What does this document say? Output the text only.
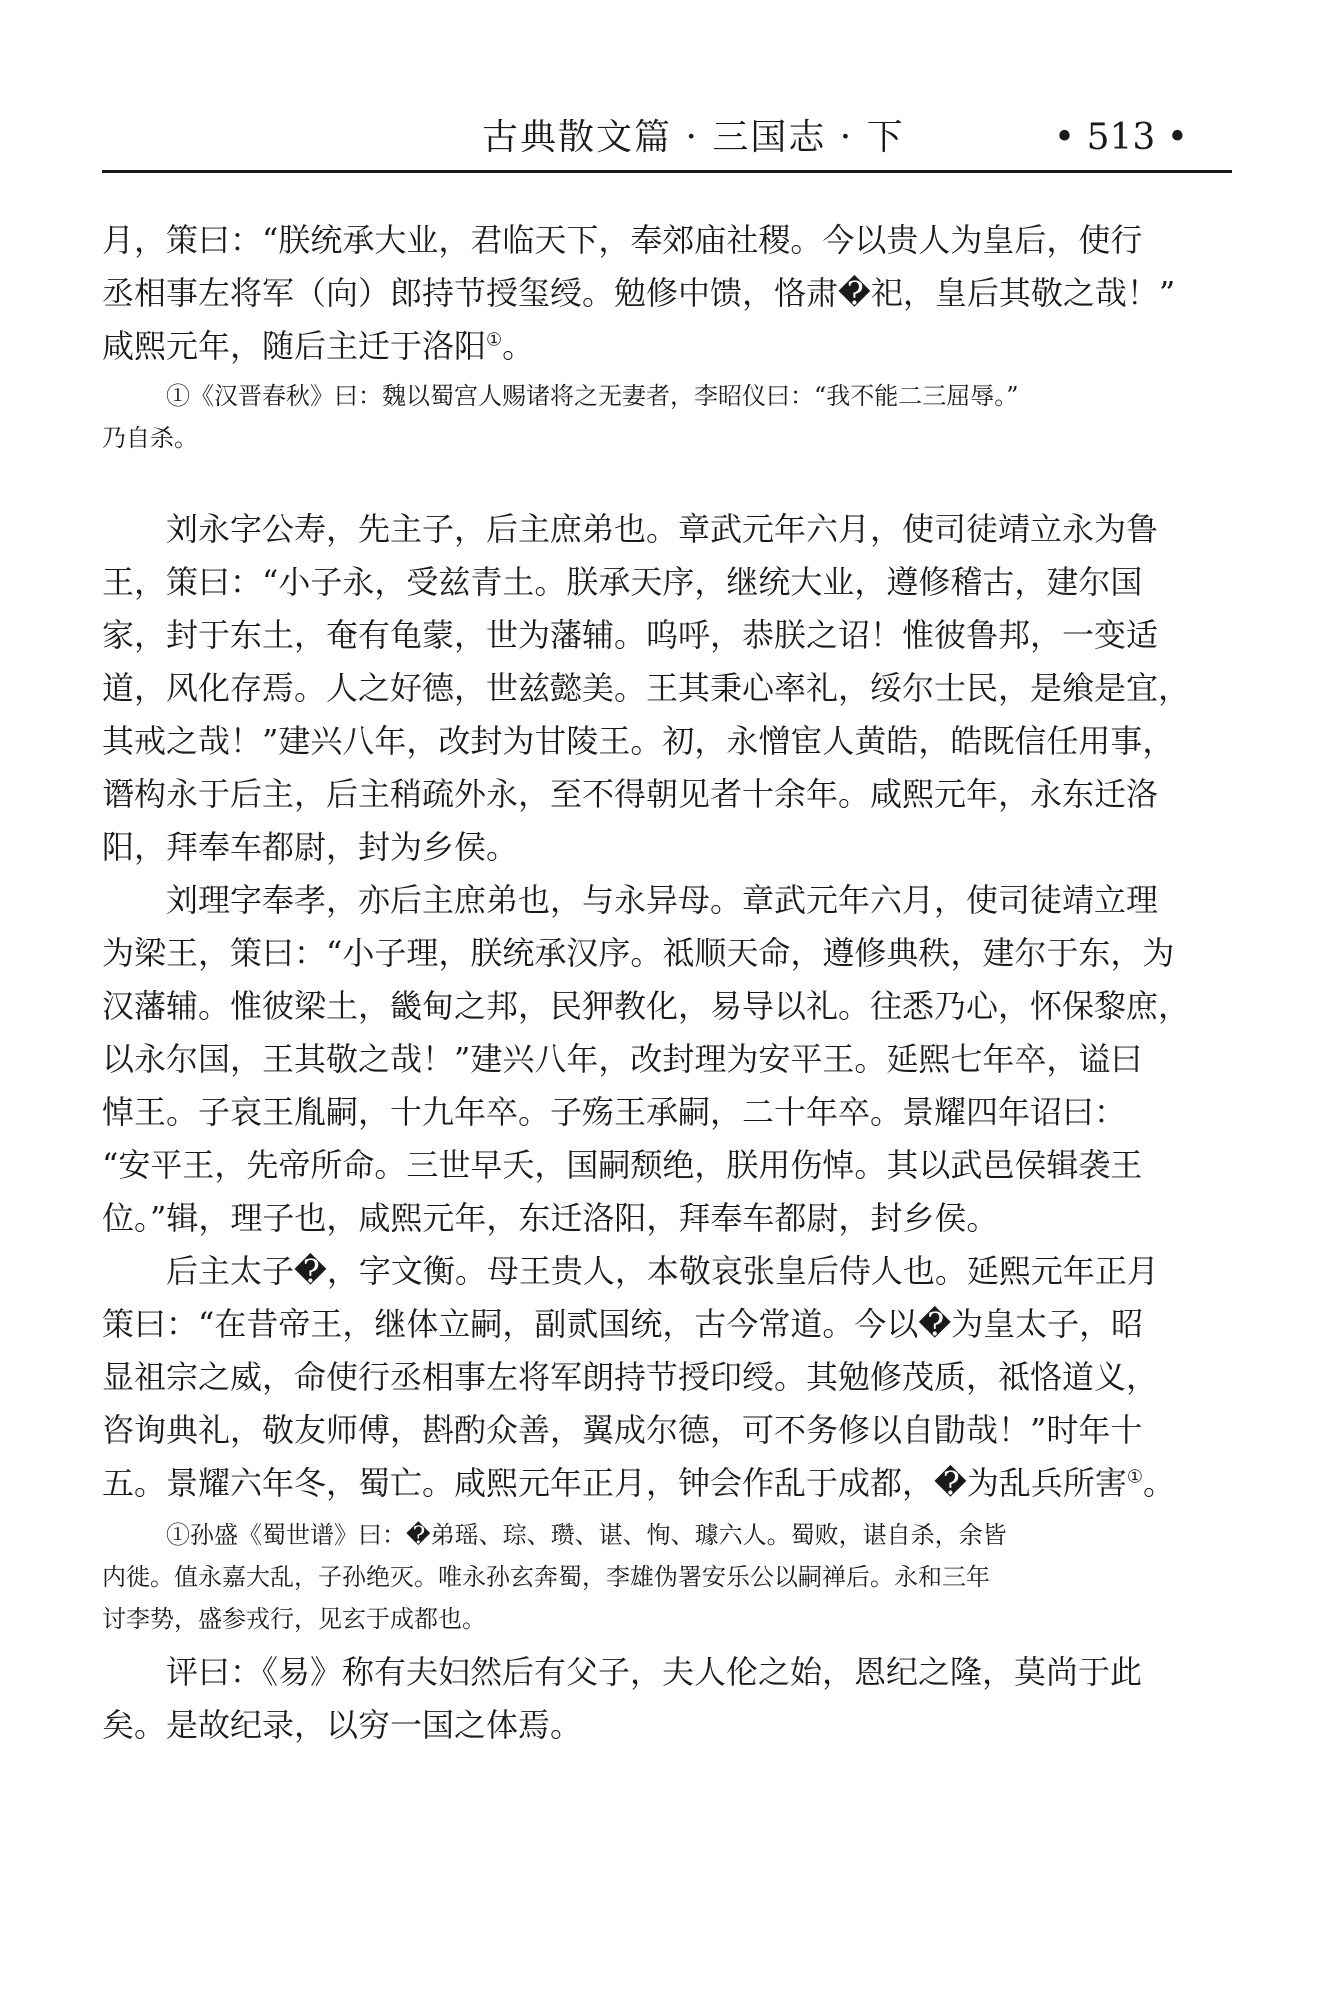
古典散文篇 · 三国志 · 下	• 513 •

月，策曰：“朕统承大业，君临天下，奉郊庙社稷。今以贵人为皇后，使行
丞相事左将军（向）郎持节授玺绶。勉修中馈，恪肃�祀，皇后其敬之哉！”
咸熙元年，随后主迁于洛阳①。

①《汉晋春秋》曰：魏以蜀宫人赐诸将之无妻者，李昭仪曰：“我不能二三屈辱。”
乃自杀。

刘永字公寿，先主子，后主庶弟也。章武元年六月，使司徒靖立永为鲁
王，策曰：“小子永，受兹青土。朕承天序，继统大业，遵修稽古，建尔国
家，封于东土，奄有龟蒙，世为藩辅。呜呼，恭朕之诏！惟彼鲁邦，一变适
道，风化存焉。人之好德，世兹懿美。王其秉心率礼，绥尔士民，是飨是宜，
其戒之哉！”建兴八年，改封为甘陵王。初，永憎宦人黄皓，皓既信任用事，
谮构永于后主，后主稍疏外永，至不得朝见者十余年。咸熙元年，永东迁洛
阳，拜奉车都尉，封为乡侯。

刘理字奉孝，亦后主庶弟也，与永异母。章武元年六月，使司徒靖立理
为梁王，策曰：“小子理，朕统承汉序。祗顺天命，遵修典秩，建尔于东，为
汉藩辅。惟彼梁土，畿甸之邦，民狎教化，易导以礼。往悉乃心，怀保黎庶，
以永尔国，王其敬之哉！”建兴八年，改封理为安平王。延熙七年卒，谥曰
悼王。子哀王胤嗣，十九年卒。子殇王承嗣，二十年卒。景耀四年诏曰：
“安平王，先帝所命。三世早夭，国嗣颓绝，朕用伤悼。其以武邑侯辑袭王
位。”辑，理子也，咸熙元年，东迁洛阳，拜奉车都尉，封乡侯。

后主太子�，字文衡。母王贵人，本敬哀张皇后侍人也。延熙元年正月
策曰：“在昔帝王，继体立嗣，副贰国统，古今常道。今以�为皇太子，昭
显祖宗之威，命使行丞相事左将军朗持节授印绶。其勉修茂质，祗恪道义，
咨询典礼，敬友师傅，斟酌众善，翼成尔德，可不务修以自勖哉！”时年十
五。景耀六年冬，蜀亡。咸熙元年正月，钟会作乱于成都，�为乱兵所害①。

①孙盛《蜀世谱》曰：�弟瑶、琮、瓒、谌、恂、璩六人。蜀败，谌自杀，余皆
内徙。值永嘉大乱，子孙绝灭。唯永孙玄奔蜀，李雄伪署安乐公以嗣禅后。永和三年
讨李势，盛参戎行，见玄于成都也。

评曰：《易》称有夫妇然后有父子，夫人伦之始，恩纪之隆，莫尚于此
矣。是故纪录，以穷一国之体焉。
